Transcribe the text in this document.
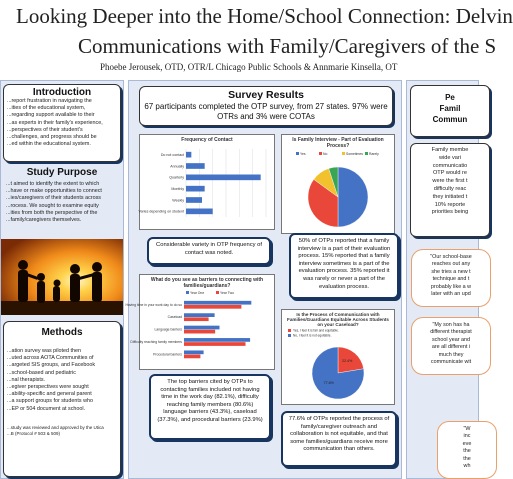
Looking Deeper into the Home/School Connection: Delvin
Communications with Family/Caregivers of the S
Phoebe Jerousek, OTD, OTR/L Chicago Public Schools & Annmarie Kinsella, OT
Introduction
...report frustration in navigating the
...ities of the educational system,
...regarding support available to their
...as experts in their family's experience,
...perspectives of their student's
...challenges, and progress should be
...ed within the educational system.
Study Purpose
...t aimed to identify the extent to which
...have or make opportunities to connect
...ies/caregivers of their students across
...rocess. We sought to examine equity
...ities from both the perspective of the
...family/caregivers themselves.
Methods
...ation survey was piloted then
...uted across AOTA Communities of
...argeted SIS groups, and Facebook
...school-based and pediatric
...nal therapists.
...egiver perspectives were sought
...ability-specific and general parent
...a support groups for students who
...EP or 504 document at school.
...study was reviewed and approved by the Utica
...B (Protocol # 503 & 509)
Survey Results
67 participants completed the OTP survey, from 27 states. 97% were OTRs and 3% were COTAs
Frequency of Contact
Do not contact
Annually
Quarterly
Monthly
Weekly
Varies depending on student
Is Family Interview - Part of Evaluation Process?
Yes	No	Sometimes Rarely
Considerable variety in OTP frequency of contact was noted.
50% of OTPs reported that a family interview is a part of their evaluation process. 15% reported that a family interview sometimes is a part of the evaluation process. 35% reported it was rarely or never a part of the evaluation process.
What do you see as barriers to connecting with families/guardians?
Year One	Year Two
Having time in your work day to do so
Caseload
Language barriers
Difficulty reaching family members
Procedural barriers
Is the Process of Communication with Families/Guardians Equitable Across Students on your Caseload?
22.4%
77.6%
Yes, I feel it is fair and equitable.
No, I feel it is not equitable.
The top barriers cited by OTPs to contacting families included not having time in the work day (82.1%), difficulty reaching family members (80.6%) language barriers (43.3%), caseload (37.3%), and procedural barriers (23.9%)	77.6% of OTPs reported the process of family/caregiver outreach and collaboration is not equitable, and that some families/guardians receive more communication than others.
Pe
Famil
Commun
Family membe
wide vari
communicatio
OTP would re
were the first t
difficulty reac
they initiated t
10% reporte
priorities being
"Our school-base
reaches out any
she tries a new t
technique and t
probably like a w
later with an upd
"My son has ha
different therapist
school year and
are all different i
much they
communicate wit
"W
inc
eve
the
the
wh
